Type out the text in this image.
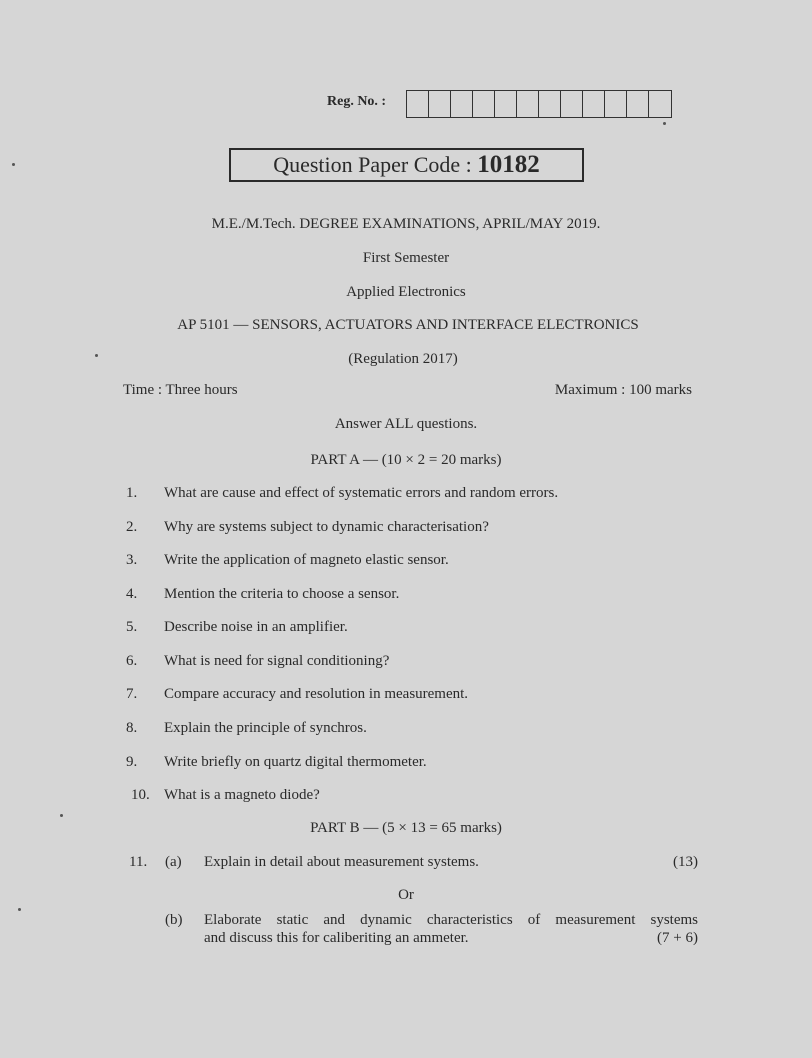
Reg. No. :
Question Paper Code : 10182
M.E./M.Tech. DEGREE EXAMINATIONS, APRIL/MAY 2019.
First Semester
Applied Electronics
AP 5101 — SENSORS, ACTUATORS AND INTERFACE ELECTRONICS
(Regulation 2017)
Time : Three hours	Maximum : 100 marks
Answer ALL questions.
PART A — (10 × 2 = 20 marks)
1. What are cause and effect of systematic errors and random errors.
2. Why are systems subject to dynamic characterisation?
3. Write the application of magneto elastic sensor.
4. Mention the criteria to choose a sensor.
5. Describe noise in an amplifier.
6. What is need for signal conditioning?
7. Compare accuracy and resolution in measurement.
8. Explain the principle of synchros.
9. Write briefly on quartz digital thermometer.
10. What is a magneto diode?
PART B — (5 × 13 = 65 marks)
11. (a) Explain in detail about measurement systems.	(13)
Or
(b) Elaborate static and dynamic characteristics of measurement systems
and discuss this for caliberiting an ammeter.	(7 + 6)
